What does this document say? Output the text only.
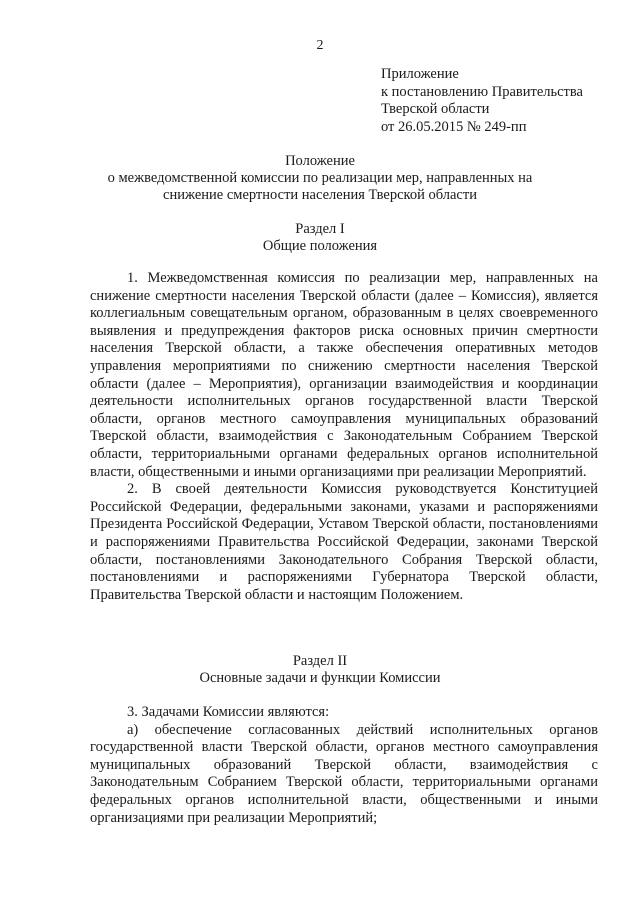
2
Приложение
к постановлению Правительства
Тверской области
от 26.05.2015 № 249-пп
Положение
о межведомственной комиссии по реализации мер, направленных на
снижение смертности населения Тверской области
Раздел I
Общие положения

1. Межведомственная комиссия по реализации мер, направленных на снижение смертности населения Тверской области (далее – Комиссия), является коллегиальным совещательным органом, образованным в целях своевременного выявления и предупреждения факторов риска основных причин смертности населения Тверской области, а также обеспечения оперативных методов управления мероприятиями по снижению смертности населения Тверской области (далее – Мероприятия), организации взаимодействия и координации деятельности исполнительных органов государственной власти Тверской области, органов местного самоуправления муниципальных образований Тверской области, взаимодействия с Законодательным Собранием Тверской области, территориальными органами федеральных органов исполнительной власти, общественными и иными организациями при реализации Мероприятий.

2. В своей деятельности Комиссия руководствуется Конституцией Российской Федерации, федеральными законами, указами и распоряжениями Президента Российской Федерации, Уставом Тверской области, постановлениями и распоряжениями Правительства Российской Федерации, законами Тверской области, постановлениями Законодательного Собрания Тверской области, постановлениями и распоряжениями Губернатора Тверской области, Правительства Тверской области и настоящим Положением.

Раздел II
Основные задачи и функции Комиссии

3. Задачами Комиссии являются:

а) обеспечение согласованных действий исполнительных органов государственной власти Тверской области, органов местного самоуправления муниципальных образований Тверской области, взаимодействия с Законодательным Собранием Тверской области, территориальными органами федеральных органов исполнительной власти, общественными и иными организациями при реализации Мероприятий;
